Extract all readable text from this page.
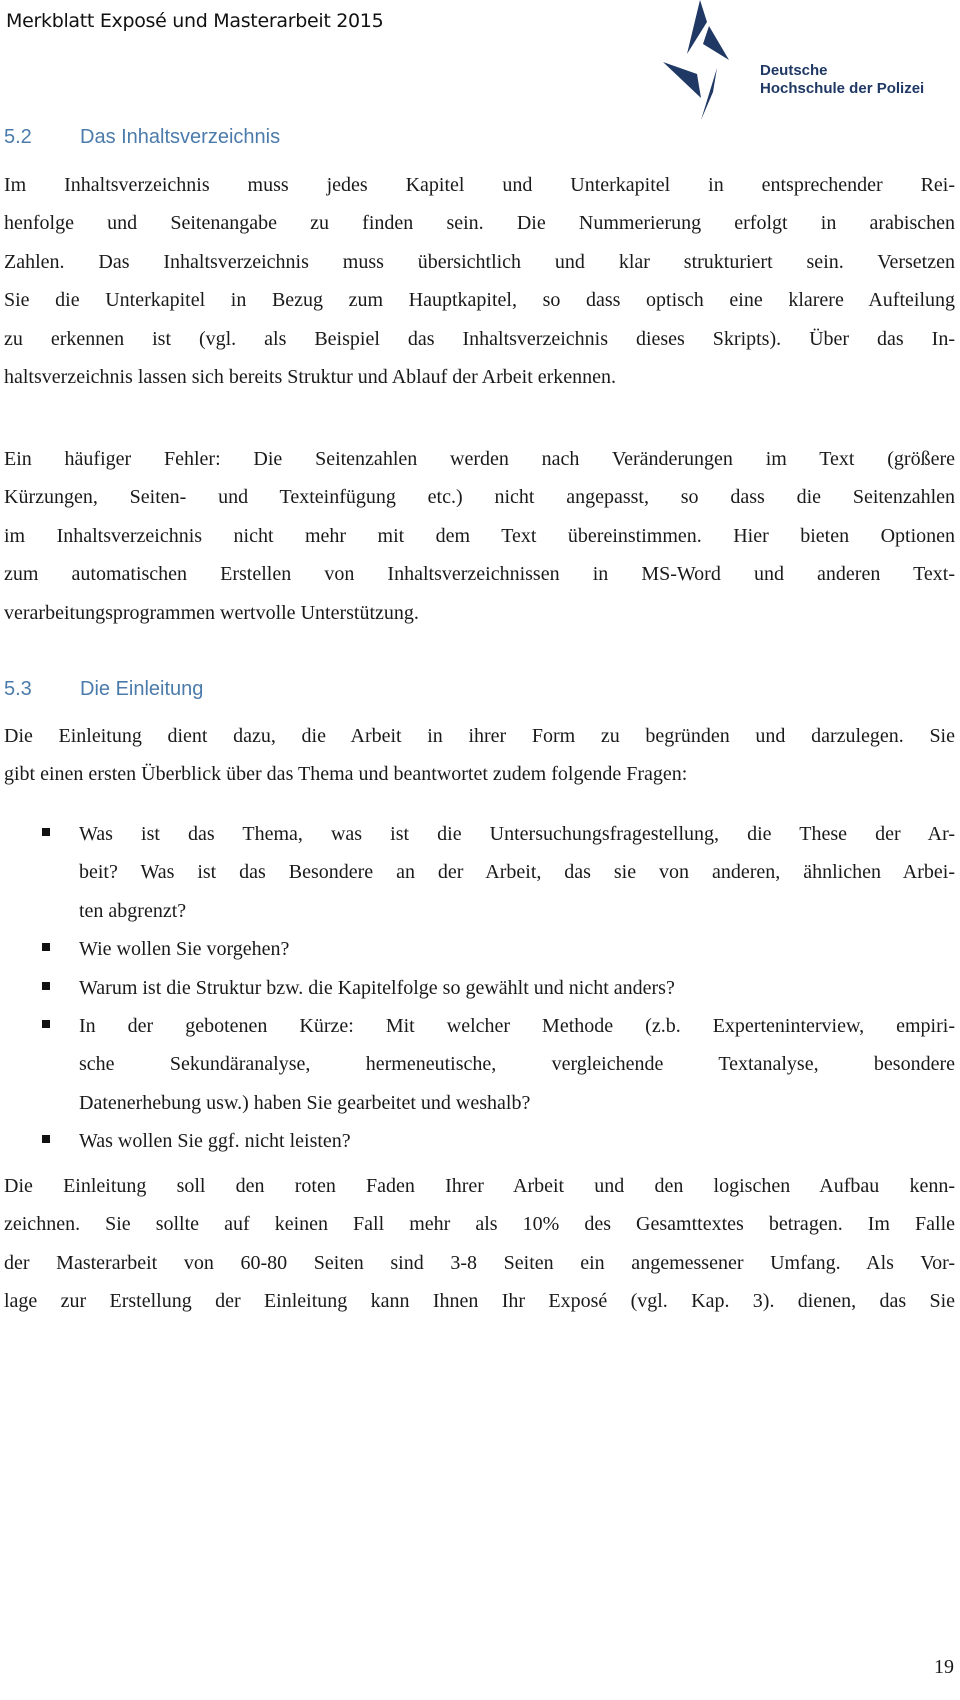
Merkblatt Exposé und Masterarbeit 2015
Deutsche
Hochschule der Polizei
5.2 Das Inhaltsverzeichnis
Im Inhaltsverzeichnis muss jedes Kapitel und Unterkapitel in entsprechender Rei-
henfolge und Seitenangabe zu finden sein. Die Nummerierung erfolgt in arabischen
Zahlen. Das Inhaltsverzeichnis muss übersichtlich und klar strukturiert sein. Versetzen
Sie die Unterkapitel in Bezug zum Hauptkapitel, so dass optisch eine klarere Aufteilung
zu erkennen ist (vgl. als Beispiel das Inhaltsverzeichnis dieses Skripts). Über das In-
haltsverzeichnis lassen sich bereits Struktur und Ablauf der Arbeit erkennen.
Ein häufiger Fehler: Die Seitenzahlen werden nach Veränderungen im Text (größere
Kürzungen, Seiten- und Texteinfügung etc.) nicht angepasst, so dass die Seitenzahlen
im Inhaltsverzeichnis nicht mehr mit dem Text übereinstimmen. Hier bieten Optionen
zum automatischen Erstellen von Inhaltsverzeichnissen in MS-Word und anderen Text-
verarbeitungsprogrammen wertvolle Unterstützung.
5.3 Die Einleitung
Die Einleitung dient dazu, die Arbeit in ihrer Form zu begründen und darzulegen. Sie
gibt einen ersten Überblick über das Thema und beantwortet zudem folgende Fragen:
Was ist das Thema, was ist die Untersuchungsfragestellung, die These der Ar-
beit? Was ist das Besondere an der Arbeit, das sie von anderen, ähnlichen Arbei-
ten abgrenzt?
Wie wollen Sie vorgehen?
Warum ist die Struktur bzw. die Kapitelfolge so gewählt und nicht anders?
In der gebotenen Kürze: Mit welcher Methode (z.b. Experteninterview, empiri-
sche Sekundäranalyse, hermeneutische, vergleichende Textanalyse, besondere
Datenerhebung usw.) haben Sie gearbeitet und weshalb?
Was wollen Sie ggf. nicht leisten?
Die Einleitung soll den roten Faden Ihrer Arbeit und den logischen Aufbau kenn-
zeichnen. Sie sollte auf keinen Fall mehr als 10% des Gesamttextes betragen. Im Falle
der Masterarbeit von 60-80 Seiten sind 3-8 Seiten ein angemessener Umfang. Als Vor-
lage zur Erstellung der Einleitung kann Ihnen Ihr Exposé (vgl. Kap. 3). dienen, das Sie
19
